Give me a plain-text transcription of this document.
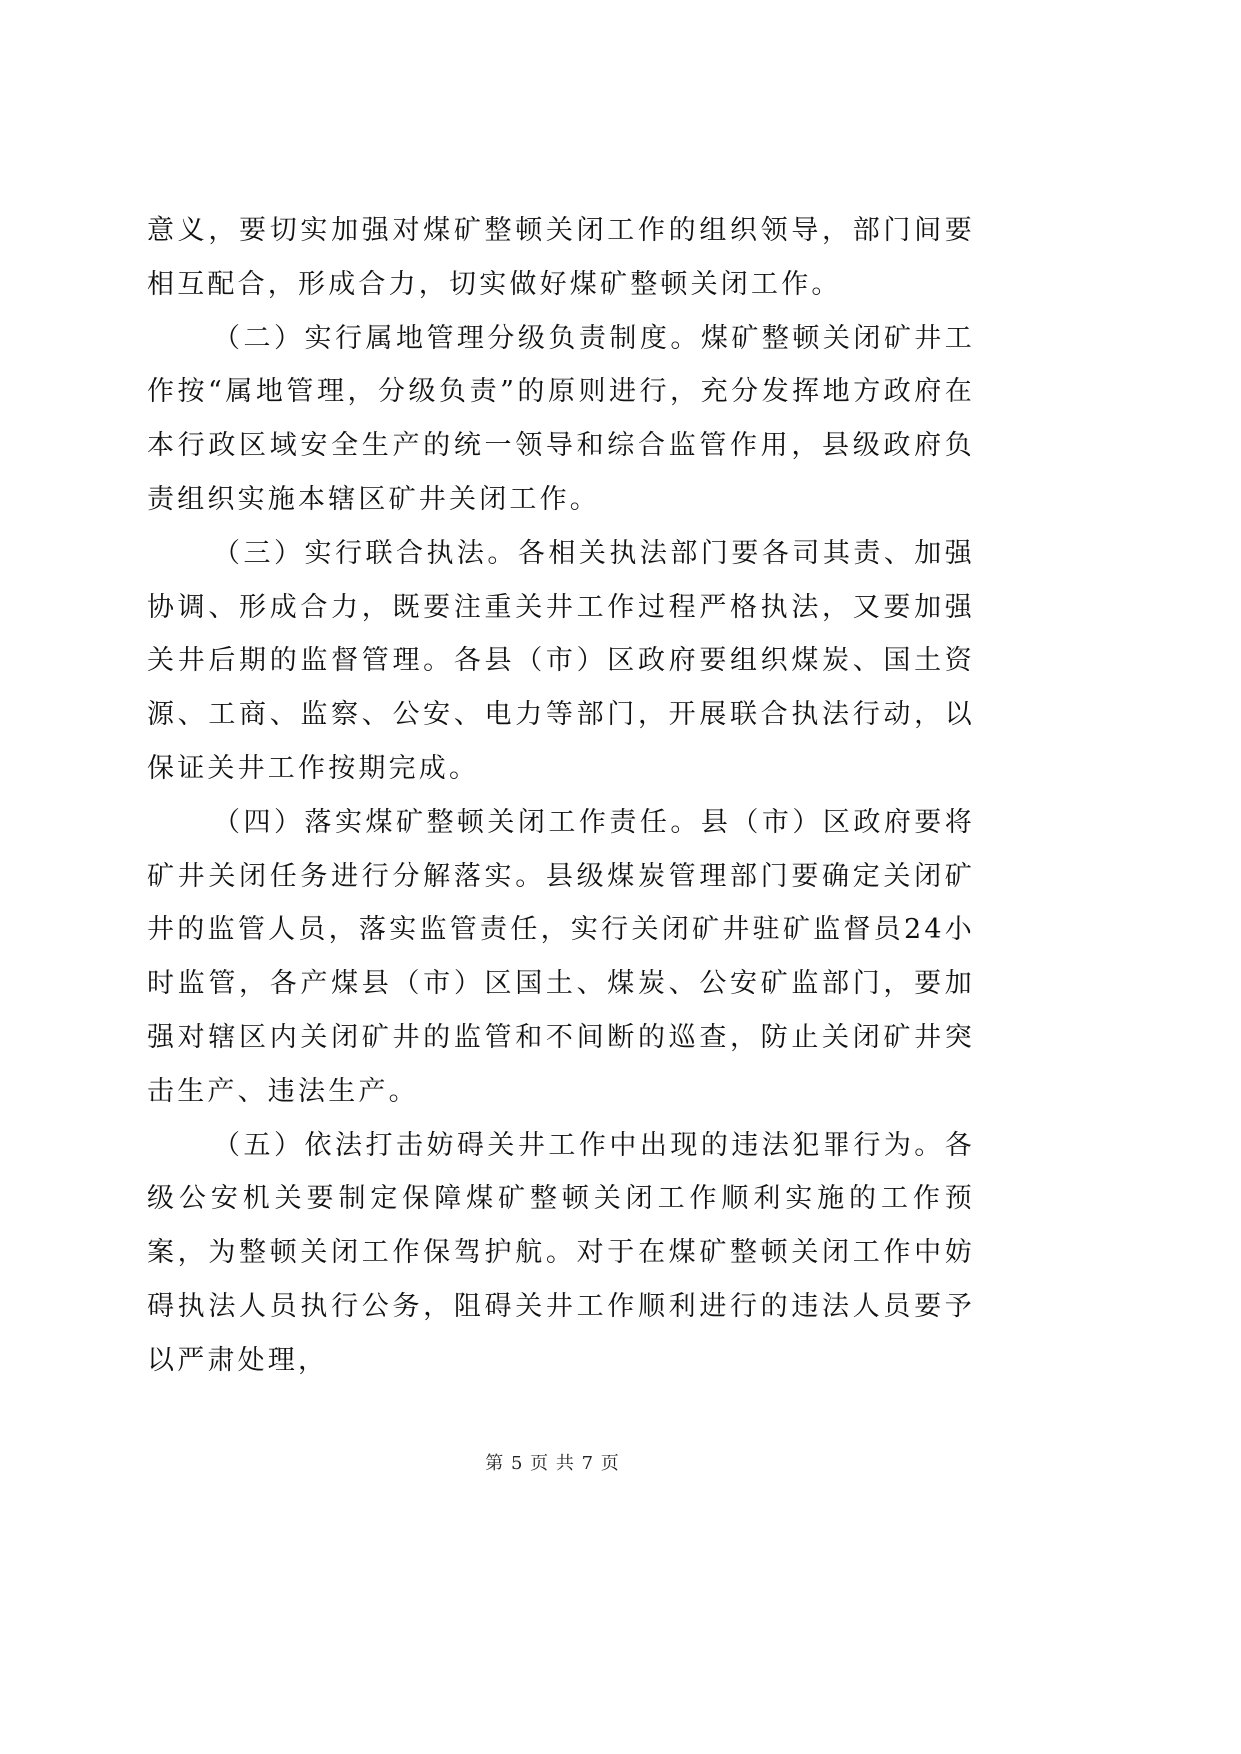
意义，要切实加强对煤矿整顿关闭工作的组织领导，部门间要相互配合，形成合力，切实做好煤矿整顿关闭工作。

（二）实行属地管理分级负责制度。煤矿整顿关闭矿井工作按“属地管理，分级负责”的原则进行，充分发挥地方政府在本行政区域安全生产的统一领导和综合监管作用，县级政府负责组织实施本辖区矿井关闭工作。

（三）实行联合执法。各相关执法部门要各司其责、加强协调、形成合力，既要注重关井工作过程严格执法，又要加强关井后期的监督管理。各县（市）区政府要组织煤炭、国土资源、工商、监察、公安、电力等部门，开展联合执法行动，以保证关井工作按期完成。

（四）落实煤矿整顿关闭工作责任。县（市）区政府要将矿井关闭任务进行分解落实。县级煤炭管理部门要确定关闭矿井的监管人员，落实监管责任，实行关闭矿井驻矿监督员24小时监管，各产煤县（市）区国土、煤炭、公安矿监部门，要加强对辖区内关闭矿井的监管和不间断的巡查，防止关闭矿井突击生产、违法生产。

（五）依法打击妨碍关井工作中出现的违法犯罪行为。各级公安机关要制定保障煤矿整顿关闭工作顺利实施的工作预案，为整顿关闭工作保驾护航。对于在煤矿整顿关闭工作中妨碍执法人员执行公务，阻碍关井工作顺利进行的违法人员要予以严肃处理，

第 5 页 共 7 页
